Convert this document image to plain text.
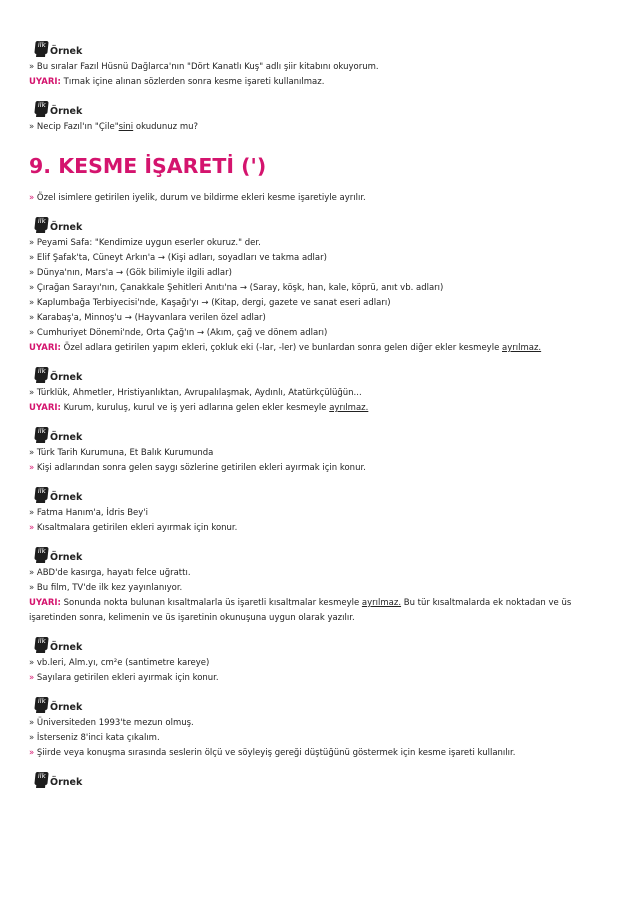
ilk
Örnek
» Bu sıralar Fazıl Hüsnü Dağlarca'nın "Dört Kanatlı Kuş" adlı şiir kitabını okuyorum.
UYARI: Tırnak içine alınan sözlerden sonra kesme işareti kullanılmaz.
ilk
Örnek
» Necip Fazıl'ın "Çile"sini okudunuz mu?
9. KESME İŞARETİ (')
» Özel isimlere getirilen iyelik, durum ve bildirme ekleri kesme işaretiyle ayrılır.
ilk
Örnek
» Peyami Safa: "Kendimize uygun eserler okuruz." der.
» Elif Şafak'ta, Cüneyt Arkın'a → (Kişi adları, soyadları ve takma adlar)
» Dünya'nın, Mars'a → (Gök bilimiyle ilgili adlar)
» Çırağan Sarayı'nın, Çanakkale Şehitleri Anıtı'na → (Saray, köşk, han, kale, köprü, anıt vb. adları)
» Kaplumbağa Terbiyecisi'nde, Kaşağı'yı → (Kitap, dergi, gazete ve sanat eseri adları)
» Karabaş'a, Minnoş'u → (Hayvanlara verilen özel adlar)
» Cumhuriyet Dönemi'nde, Orta Çağ'ın → (Akım, çağ ve dönem adları)
UYARI: Özel adlara getirilen yapım ekleri, çokluk eki (-lar, -ler) ve bunlardan sonra gelen diğer ekler kesmeyle ayrılmaz.
ilk
Örnek
» Türklük, Ahmetler, Hristiyanlıktan, Avrupalılaşmak, Aydınlı, Atatürkçülüğün...
UYARI: Kurum, kuruluş, kurul ve iş yeri adlarına gelen ekler kesmeyle ayrılmaz.
ilk
Örnek
» Türk Tarih Kurumuna, Et Balık Kurumunda
» Kişi adlarından sonra gelen saygı sözlerine getirilen ekleri ayırmak için konur.
ilk
Örnek
» Fatma Hanım'a, İdris Bey'i
» Kısaltmalara getirilen ekleri ayırmak için konur.
ilk
Örnek
» ABD'de kasırga, hayatı felce uğrattı.
» Bu film, TV'de ilk kez yayınlanıyor.
UYARI: Sonunda nokta bulunan kısaltmalarla üs işaretli kısaltmalar kesmeyle ayrılmaz. Bu tür kısaltmalarda ek noktadan ve üs
işaretinden sonra, kelimenin ve üs işaretinin okunuşuna uygun olarak yazılır.
ilk
Örnek
» vb.leri, Alm.yı, cm²e (santimetre kareye)
» Sayılara getirilen ekleri ayırmak için konur.
ilk
Örnek
» Üniversiteden 1993'te mezun olmuş.
» İsterseniz 8'inci kata çıkalım.
» Şiirde veya konuşma sırasında seslerin ölçü ve söyleyiş gereği düştüğünü göstermek için kesme işareti kullanılır.
ilk
Örnek
